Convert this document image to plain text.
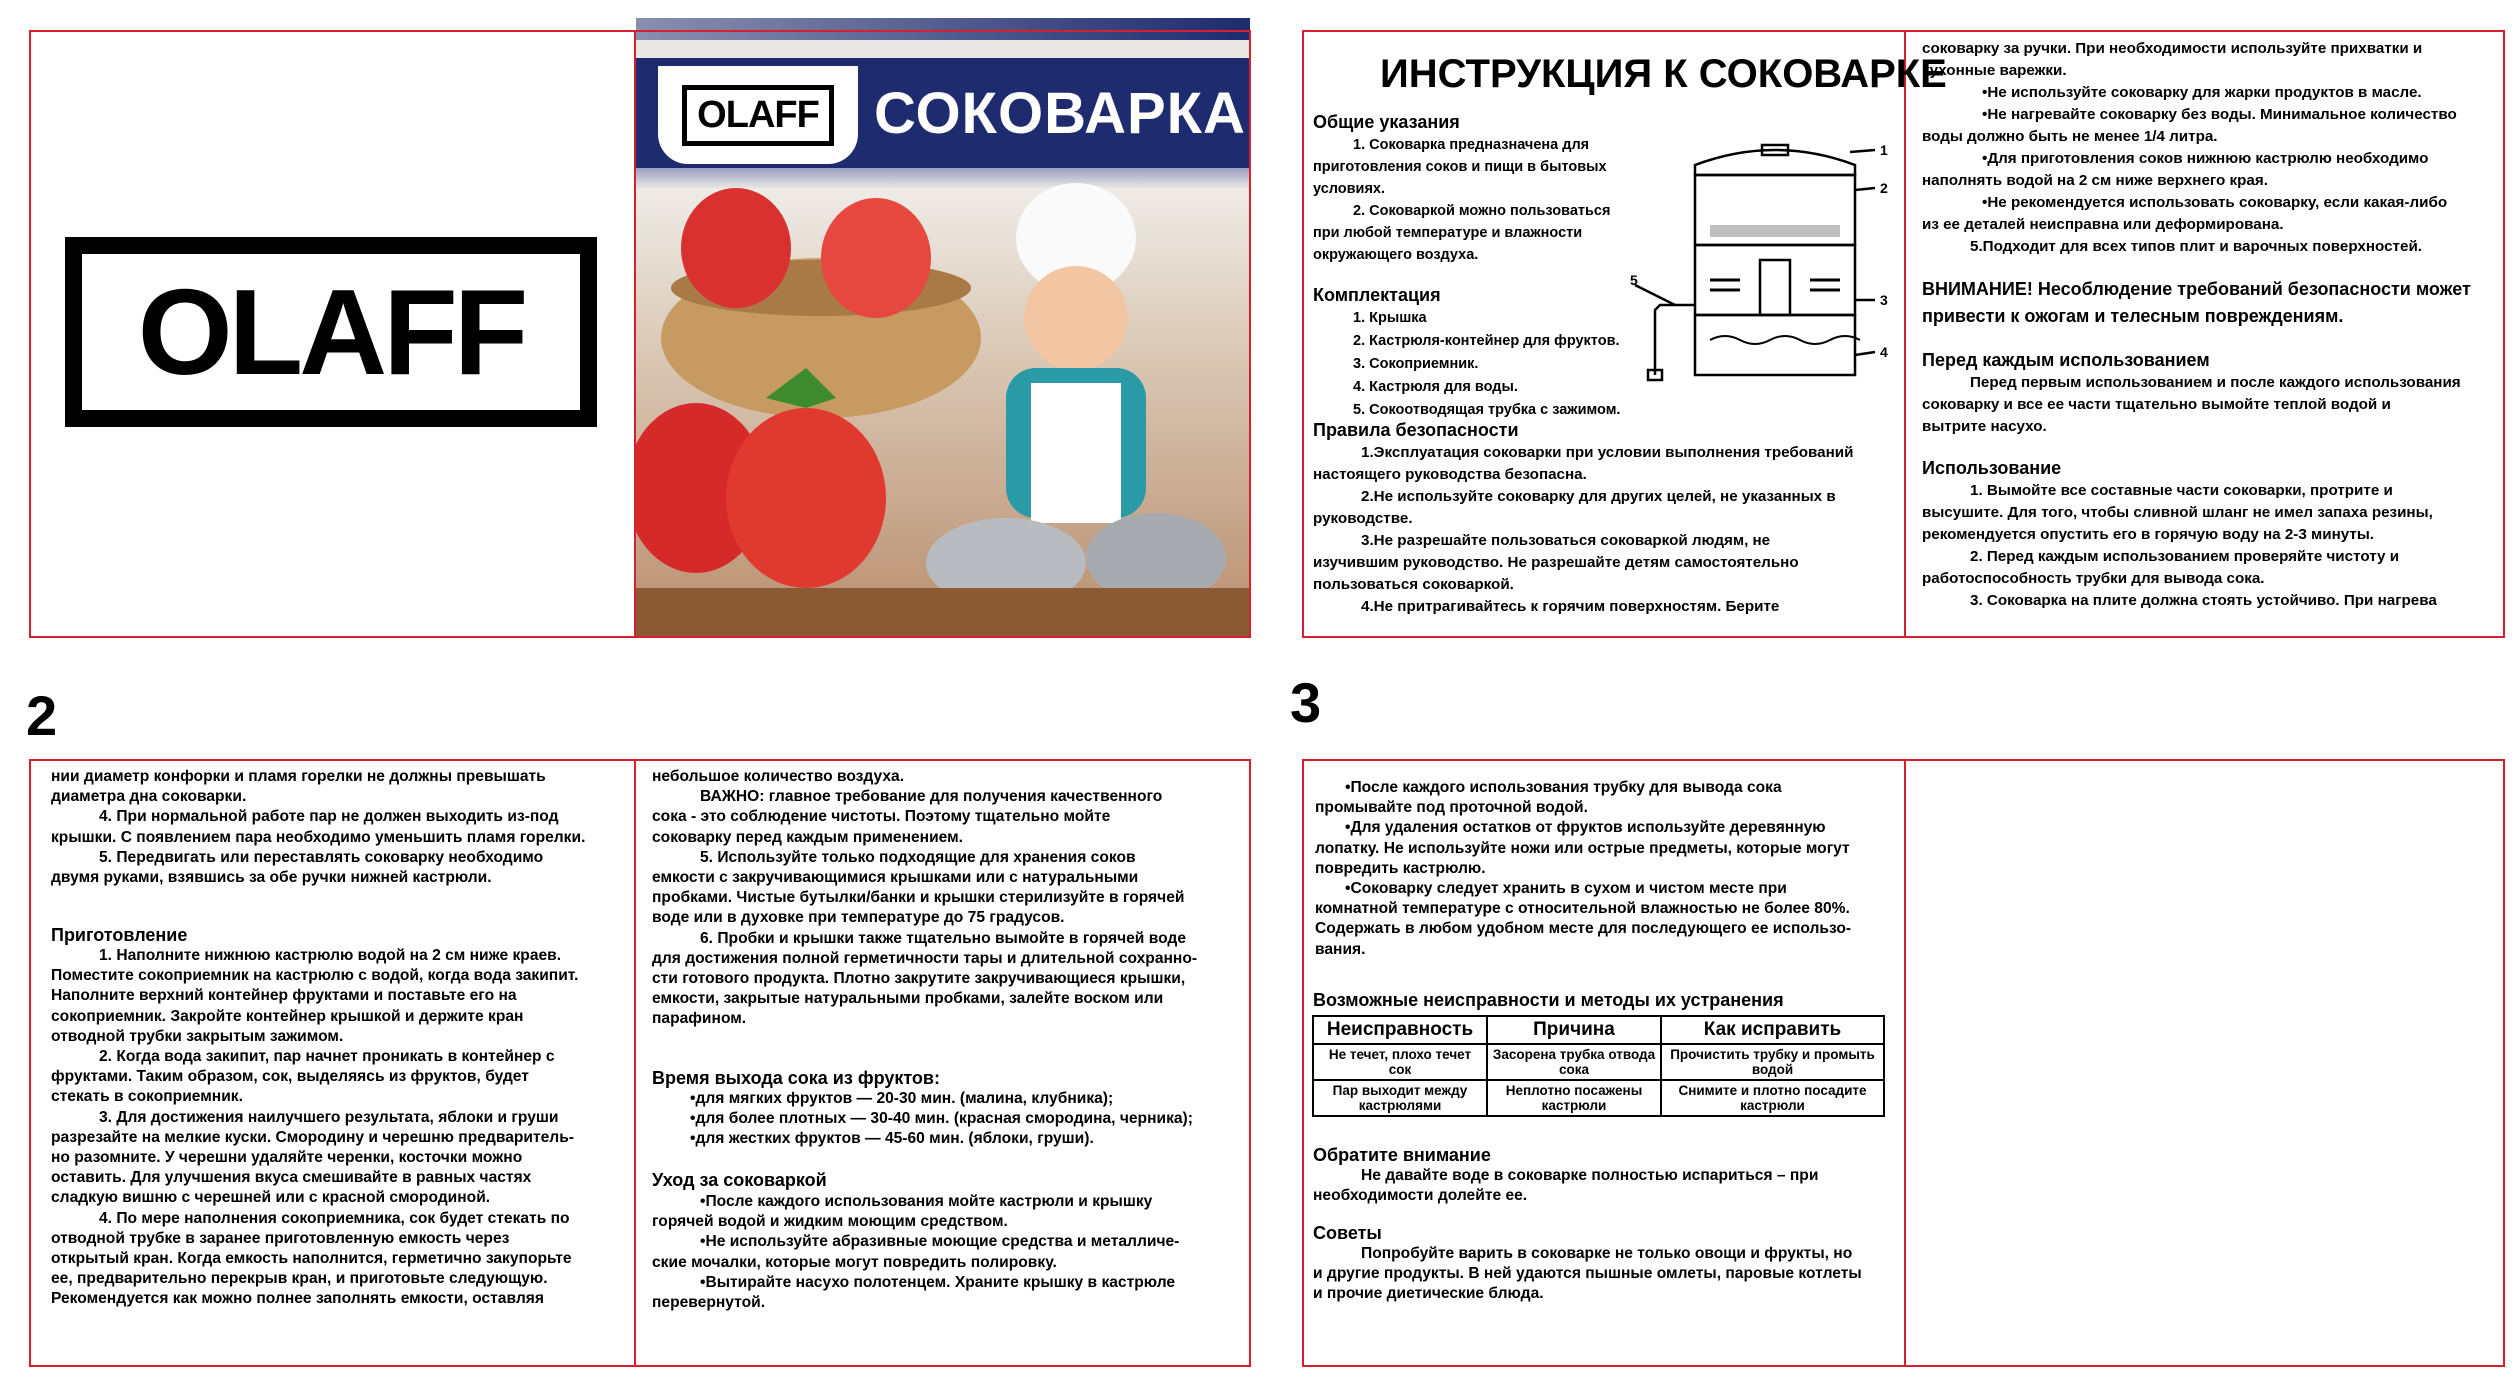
OLAFF
OLAFF СОКОВАРКА
ИНСТРУКЦИЯ К СОКОВАРКЕ
Общие указания
1. Соковарка предназначена для
приготовления соков и пищи в бытовых
условиях.
2. Соковаркой можно пользоваться
при любой температуре и влажности
окружающего воздуха.
Комплектация
1. Крышка
2. Кастрюля-контейнер для фруктов.
3. Сокоприемник.
4. Кастрюля для воды.
5. Сокоотводящая трубка с зажимом.
1
2
3
4
5
Правила безопасности
1.Эксплуатация соковарки при условии выполнения требований
настоящего руководства безопасна.
2.Не используйте соковарку для других целей, не указанных в
руководстве.
3.Не разрешайте пользоваться соковаркой людям, не
изучившим руководство. Не разрешайте детям самостоятельно
пользоваться соковаркой.
4.Не притрагивайтесь к горячим поверхностям. Берите
соковарку за ручки. При необходимости используйте прихватки и
кухонные варежки.
•Не используйте соковарку для жарки продуктов в масле.
•Не нагревайте соковарку без воды. Минимальное количество
воды должно быть не менее 1/4 литра.
•Для приготовления соков нижнюю кастрюлю необходимо
наполнять водой на 2 см ниже верхнего края.
•Не рекомендуется использовать соковарку, если какая-либо
из ее деталей неисправна или деформирована.
5.Подходит для всех типов плит и варочных поверхностей.
ВНИМАНИЕ! Несоблюдение требований безопасности может
привести к ожогам и телесным повреждениям.
Перед каждым использованием
Перед первым использованием и после каждого использования
соковарку и все ее части тщательно вымойте теплой водой и
вытрите насухо.
Использование
1. Вымойте все составные части соковарки, протрите и
высушите. Для того, чтобы сливной шланг не имел запаха резины,
рекомендуется опустить его в горячую воду на 2-3 минуты.
2. Перед каждым использованием проверяйте чистоту и
работоспособность трубки для вывода сока.
3. Соковарка на плите должна стоять устойчиво. При нагрева
2
нии диаметр конфорки и пламя горелки не должны превышать
диаметра дна соковарки.
4. При нормальной работе пар не должен выходить из-под
крышки. С появлением пара необходимо уменьшить пламя горелки.
5. Передвигать или переставлять соковарку необходимо
двумя руками, взявшись за обе ручки нижней кастрюли.
Приготовление
1. Наполните нижнюю кастрюлю водой на 2 см ниже краев.
Поместите сокоприемник на кастрюлю с водой, когда вода закипит.
Наполните верхний контейнер фруктами и поставьте его на
сокоприемник. Закройте контейнер крышкой и держите кран
отводной трубки закрытым зажимом.
2. Когда вода закипит, пар начнет проникать в контейнер с
фруктами. Таким образом, сок, выделяясь из фруктов, будет
стекать в сокоприемник.
3. Для достижения наилучшего результата, яблоки и груши
разрезайте на мелкие куски. Смородину и черешню предваритель-
но разомните. У черешни удаляйте черенки, косточки можно
оставить. Для улучшения вкуса смешивайте в равных частях
сладкую вишню с черешней или с красной смородиной.
4. По мере наполнения сокоприемника, сок будет стекать по
отводной трубке в заранее приготовленную емкость через
открытый кран. Когда емкость наполнится, герметично закупорьте
ее, предварительно перекрыв кран, и приготовьте следующую.
Рекомендуется как можно полнее заполнять емкости, оставляя
небольшое количество воздуха.
ВАЖНО: главное требование для получения качественного
сока - это соблюдение чистоты. Поэтому тщательно мойте
соковарку перед каждым применением.
5. Используйте только подходящие для хранения соков
емкости с закручивающимися крышками или с натуральными
пробками. Чистые бутылки/банки и крышки стерилизуйте в горячей
воде или в духовке при температуре до 75 градусов.
6. Пробки и крышки также тщательно вымойте в горячей воде
для достижения полной герметичности тары и длительной сохранно-
сти готового продукта. Плотно закрутите закручивающиеся крышки,
емкости, закрытые натуральными пробками, залейте воском или
парафином.
Время выхода сока из фруктов:
•для мягких фруктов — 20-30 мин. (малина, клубника);
•для более плотных — 30-40 мин. (красная смородина, черника);
•для жестких фруктов — 45-60 мин. (яблоки, груши).
Уход за соковаркой
•После каждого использования мойте кастрюли и крышку
горячей водой и жидким моющим средством.
•Не используйте абразивные моющие средства и металличе-
ские мочалки, которые могут повредить полировку.
•Вытирайте насухо полотенцем. Храните крышку в кастрюле
перевернутой.
3
•После каждого использования трубку для вывода сока
промывайте под проточной водой.
•Для удаления остатков от фруктов используйте деревянную
лопатку. Не используйте ножи или острые предметы, которые могут
повредить кастрюлю.
•Соковарку следует хранить в сухом и чистом месте при
комнатной температуре с относительной влажностью не более 80%.
Содержать в любом удобном месте для последующего ее использо-
вания.
Возможные неисправности и методы их устранения
Неисправность	Причина	Как исправить
Не течет, плохо течет сок	Засорена трубка отвода сока	Прочистить трубку и промыть водой
Пар выходит между кастрюлями	Неплотно посажены кастрюли	Снимите и плотно посадите кастрюли
Обратите внимание
Не давайте воде в соковарке полностью испариться – при
необходимости долейте ее.
Советы
Попробуйте варить в соковарке не только овощи и фрукты, но
и другие продукты. В ней удаются пышные омлеты, паровые котлеты
и прочие диетические блюда.
